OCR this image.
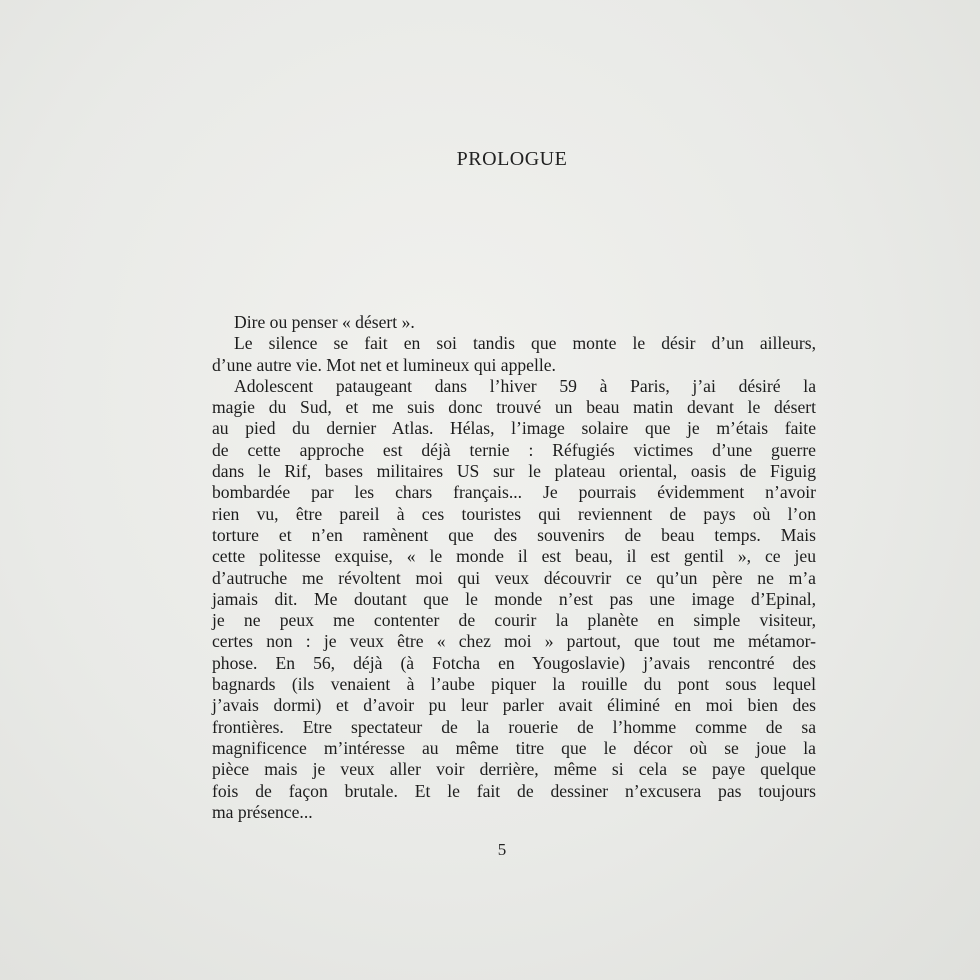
PROLOGUE
Dire ou penser « désert ».
Le silence se fait en soi tandis que monte le désir d’un ailleurs,
d’une autre vie. Mot net et lumineux qui appelle.
Adolescent pataugeant dans l’hiver 59 à Paris, j’ai désiré la
magie du Sud, et me suis donc trouvé un beau matin devant le désert
au pied du dernier Atlas. Hélas, l’image solaire que je m’étais faite
de cette approche est déjà ternie : Réfugiés victimes d’une guerre
dans le Rif, bases militaires US sur le plateau oriental, oasis de Figuig
bombardée par les chars français... Je pourrais évidemment n’avoir
rien vu, être pareil à ces touristes qui reviennent de pays où l’on
torture et n’en ramènent que des souvenirs de beau temps. Mais
cette politesse exquise, « le monde il est beau, il est gentil », ce jeu
d’autruche me révoltent moi qui veux découvrir ce qu’un père ne m’a
jamais dit. Me doutant que le monde n’est pas une image d’Epinal,
je ne peux me contenter de courir la planète en simple visiteur,
certes non : je veux être « chez moi » partout, que tout me métamor-
phose. En 56, déjà (à Fotcha en Yougoslavie) j’avais rencontré des
bagnards (ils venaient à l’aube piquer la rouille du pont sous lequel
j’avais dormi) et d’avoir pu leur parler avait éliminé en moi bien des
frontières. Etre spectateur de la rouerie de l’homme comme de sa
magnificence m’intéresse au même titre que le décor où se joue la
pièce mais je veux aller voir derrière, même si cela se paye quelque
fois de façon brutale. Et le fait de dessiner n’excusera pas toujours
ma présence...
5
